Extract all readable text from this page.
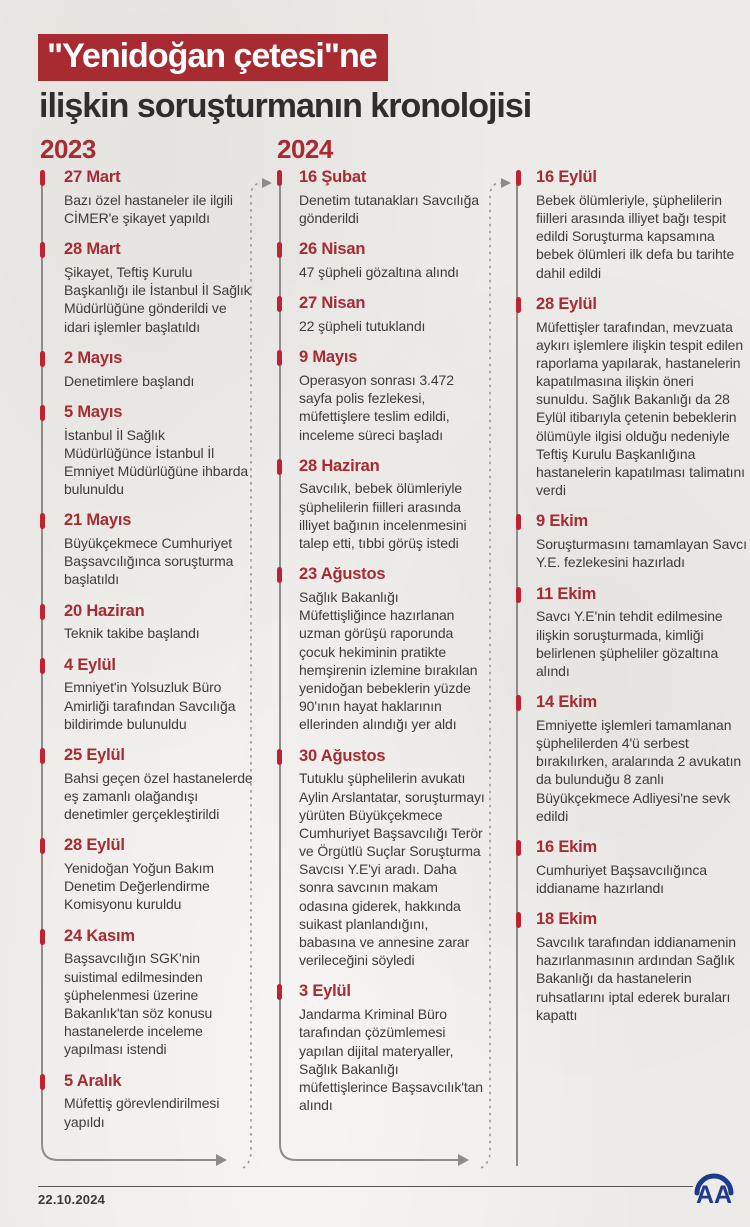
"Yenidoğan çetesi"ne
ilişkin soruşturmanın kronolojisi
2023	2024
27 Mart
Bazı özel hastaneler ile ilgili CİMER'e şikayet yapıldı
28 Mart
Şikayet, Teftiş Kurulu Başkanlığı ile İstanbul İl Sağlık Müdürlüğüne gönderildi ve idari işlemler başlatıldı
2 Mayıs
Denetimlere başlandı
5 Mayıs
İstanbul İl Sağlık Müdürlüğünce İstanbul İl Emniyet Müdürlüğüne ihbarda bulunuldu
21 Mayıs
Büyükçekmece Cumhuriyet Başsavcılığınca soruşturma başlatıldı
20 Haziran
Teknik takibe başlandı
4 Eylül
Emniyet'in Yolsuzluk Büro Amirliği tarafından Savcılığa bildirimde bulunuldu
25 Eylül
Bahsi geçen özel hastanelerde eş zamanlı olağandışı denetimler gerçekleştirildi
28 Eylül
Yenidoğan Yoğun Bakım Denetim Değerlendirme Komisyonu kuruldu
24 Kasım
Başsavcılığın SGK'nin suistimal edilmesinden şüphelenmesi üzerine Bakanlık'tan söz konusu hastanelerde inceleme yapılması istendi
5 Aralık
Müfettiş görevlendirilmesi yapıldı
16 Şubat
Denetim tutanakları Savcılığa gönderildi
26 Nisan
47 şüpheli gözaltına alındı
27 Nisan
22 şüpheli tutuklandı
9 Mayıs
Operasyon sonrası 3.472 sayfa polis fezlekesi, müfettişlere teslim edildi, inceleme süreci başladı
28 Haziran
Savcılık, bebek ölümleriyle şüphelilerin fiilleri arasında illiyet bağının incelenmesini talep etti, tıbbi görüş istedi
23 Ağustos
Sağlık Bakanlığı Müfettişliğince hazırlanan uzman görüşü raporunda çocuk hekiminin pratikte hemşirenin izlemine bırakılan yenidoğan bebeklerin yüzde 90'ının hayat haklarının ellerinden alındığı yer aldı
30 Ağustos
Tutuklu şüphelilerin avukatı Aylin Arslantatar, soruşturmayı yürüten Büyükçekmece Cumhuriyet Başsavcılığı Terör ve Örgütlü Suçlar Soruşturma Savcısı Y.E'yi aradı. Daha sonra savcının makam odasına giderek, hakkında suikast planlandığını, babasına ve annesine zarar verileceğini söyledi
3 Eylül
Jandarma Kriminal Büro tarafından çözümlemesi yapılan dijital materyaller, Sağlık Bakanlığı müfettişlerince Başsavcılık'tan alındı
16 Eylül
Bebek ölümleriyle, şüphelilerin fiilleri arasında illiyet bağı tespit edildi Soruşturma kapsamına bebek ölümleri ilk defa bu tarihte dahil edildi
28 Eylül
Müfettişler tarafından, mevzuata aykırı işlemlere ilişkin tespit edilen raporlama yapılarak, hastanelerin kapatılmasına ilişkin öneri sunuldu. Sağlık Bakanlığı da 28 Eylül itibarıyla çetenin bebeklerin ölümüyle ilgisi olduğu nedeniyle Teftiş Kurulu Başkanlığına hastanelerin kapatılması talimatını verdi
9 Ekim
Soruşturmasını tamamlayan Savcı Y.E. fezlekesini hazırladı
11 Ekim
Savcı Y.E'nin tehdit edilmesine ilişkin soruşturmada, kimliği belirlenen şüpheliler gözaltına alındı
14 Ekim
Emniyette işlemleri tamamlanan şüphelilerden 4'ü serbest bırakılırken, aralarında 2 avukatın da bulunduğu 8 zanlı Büyükçekmece Adliyesi'ne sevk edildi
16 Ekim
Cumhuriyet Başsavcılığınca iddianame hazırlandı
18 Ekim
Savcılık tarafından iddianamenin hazırlanmasının ardından Sağlık Bakanlığı da hastanelerin ruhsatlarını iptal ederek buraları kapattı
22.10.2024	AA
